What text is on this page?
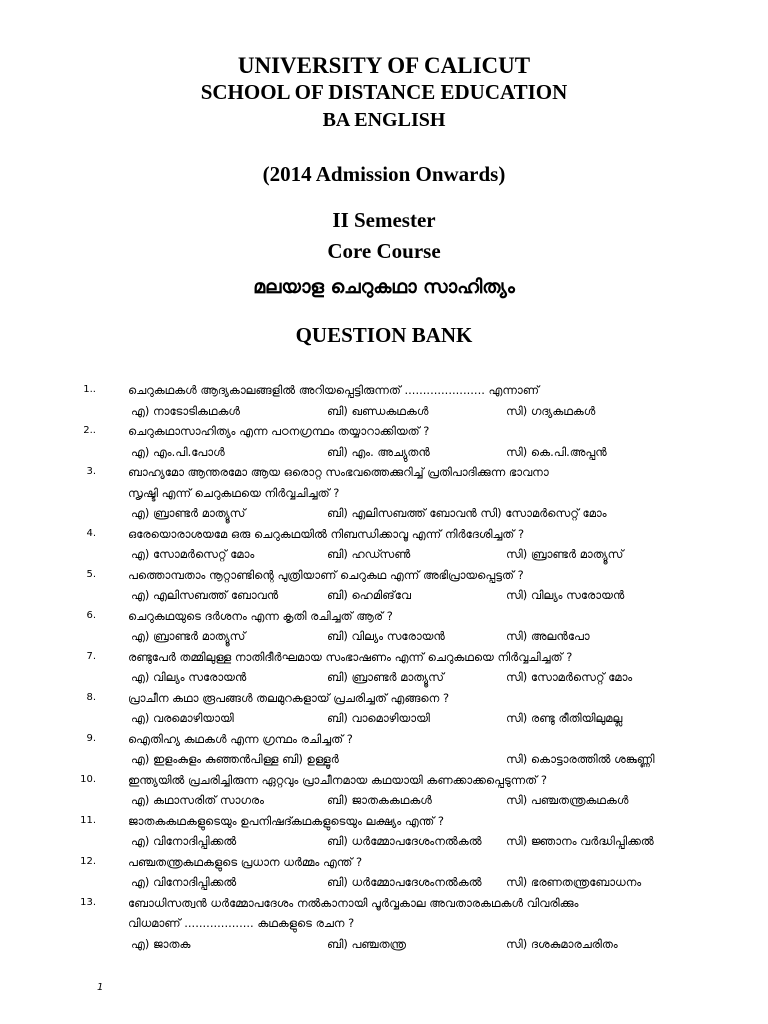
UNIVERSITY OF CALICUT
SCHOOL OF DISTANCE EDUCATION
BA ENGLISH
(2014 Admission Onwards)
II Semester
Core Course
മലയാള ചെറുകഥാ സാഹിത്യം
QUESTION BANK
1..	ചെറുകഥകൾ ആദ്യകാലങ്ങളിൽ അറിയപ്പെട്ടിരുന്നത് ...................... എന്നാണ്
എ) നാടോടികഥകൾ	ബി) ഖണ്ഡകഥകൾ	സി) ഗദ്യകഥകൾ
2..	ചെറുകഥാസാഹിത്യം എന്ന പഠനഗ്രന്ഥം തയ്യാറാക്കിയത് ?
എ) എം.പി.പോൾ	ബി) എം. അച്യുതൻ	സി) കെ.പി.അപ്പൻ
3.	ബാഹ്യമോ ആന്തരമോ ആയ ഒരൊറ്റ സംഭവത്തെക്കുറിച്ച് പ്രതിപാദിക്കുന്ന ഭാവനാ
സൃഷ്ടി എന്ന് ചെറുകഥയെ നിർവ്വചിച്ചത് ?
എ) ബ്രാണ്ടർ മാത്യൂസ്	ബി) എലിസബത്ത് ബോവൻ സി) സോമർസെറ്റ് മോം
4.	ഒരേയൊരാശയമേ ഒരു ചെറുകഥയിൽ നിബന്ധിക്കാവൂ എന്ന് നിർദേശിച്ചത് ?
എ) സോമർസെറ്റ് മോം	ബി) ഹഡ്സൺ	സി) ബ്രാണ്ടർ മാത്യൂസ്
5.	പത്തൊമ്പതാം നൂറ്റാണ്ടിന്റെ പുത്രിയാണ് ചെറുകഥ എന്ന് അഭിപ്രായപ്പെട്ടത് ?
എ) എലിസബത്ത് ബോവൻ	ബി) ഹെമിങ്‌വേ	സി) വില്യം സരോയൻ
6.	ചെറുകഥയുടെ ദർശനം എന്ന കൃതി രചിച്ചത് ആര് ?
എ) ബ്രാണ്ടർ മാത്യൂസ്	ബി) വില്യം സരോയൻ	സി) അലൻപോ
7.	രണ്ടുപേർ തമ്മിലുള്ള നാതിദീർഘമായ സംഭാഷണം എന്ന് ചെറുകഥയെ നിർവ്വചിച്ചത് ?
എ) വില്യം സരോയൻ	ബി) ബ്രാണ്ടർ മാത്യൂസ്	സി) സോമർസെറ്റ് മോം
8.	പ്രാചീന കഥാ രൂപങ്ങൾ തലമുറകളായ് പ്രചരിച്ചത് എങ്ങനെ ?
എ) വരമൊഴിയായി	ബി) വാമൊഴിയായി	സി) രണ്ടു രീതിയിലുമല്ല
9.	ഐതിഹ്യ കഥകൾ എന്ന ഗ്രന്ഥം രചിച്ചത് ?
എ) ഇളംകുളം കുഞ്ഞൻപിള്ള ബി) ഉള്ളൂർ	സി) കൊട്ടാരത്തിൽ ശങ്കുണ്ണി
10.	ഇന്ത്യയിൽ പ്രചരിച്ചിരുന്ന ഏറ്റവും പ്രാചീനമായ കഥയായി കണക്കാക്കപ്പെടുന്നത് ?
എ) കഥാസരിത് സാഗരം	ബി) ജാതകകഥകൾ	സി) പഞ്ചതന്ത്രകഥകൾ
11.	ജാതകകഥകളുടെയും ഉപനിഷദ്കഥകളുടെയും ലക്ഷ്യം എന്ത് ?
എ) വിനോദിപ്പിക്കൽ	ബി) ധർമ്മോപദേശംനൽകൽ സി) ജ്ഞാനം വർദ്ധിപ്പിക്കൽ
12.	പഞ്ചതന്ത്രകഥകളുടെ പ്രധാന ധർമ്മം എന്ത് ?
എ) വിനോദിപ്പിക്കൽ	ബി) ധർമ്മോപദേശംനൽകൽ സി) ഭരണതന്ത്രബോധനം
13.	ബോധിസത്വൻ ധർമ്മോപദേശം നൽകാനായി പൂർവ്വകാല അവതാരകഥകൾ വിവരിക്കും
വിധമാണ് ................... കഥകളുടെ രചന ?
എ) ജാതക	ബി) പഞ്ചതന്ത്ര	സി) ദശകുമാരചരിതം
1
